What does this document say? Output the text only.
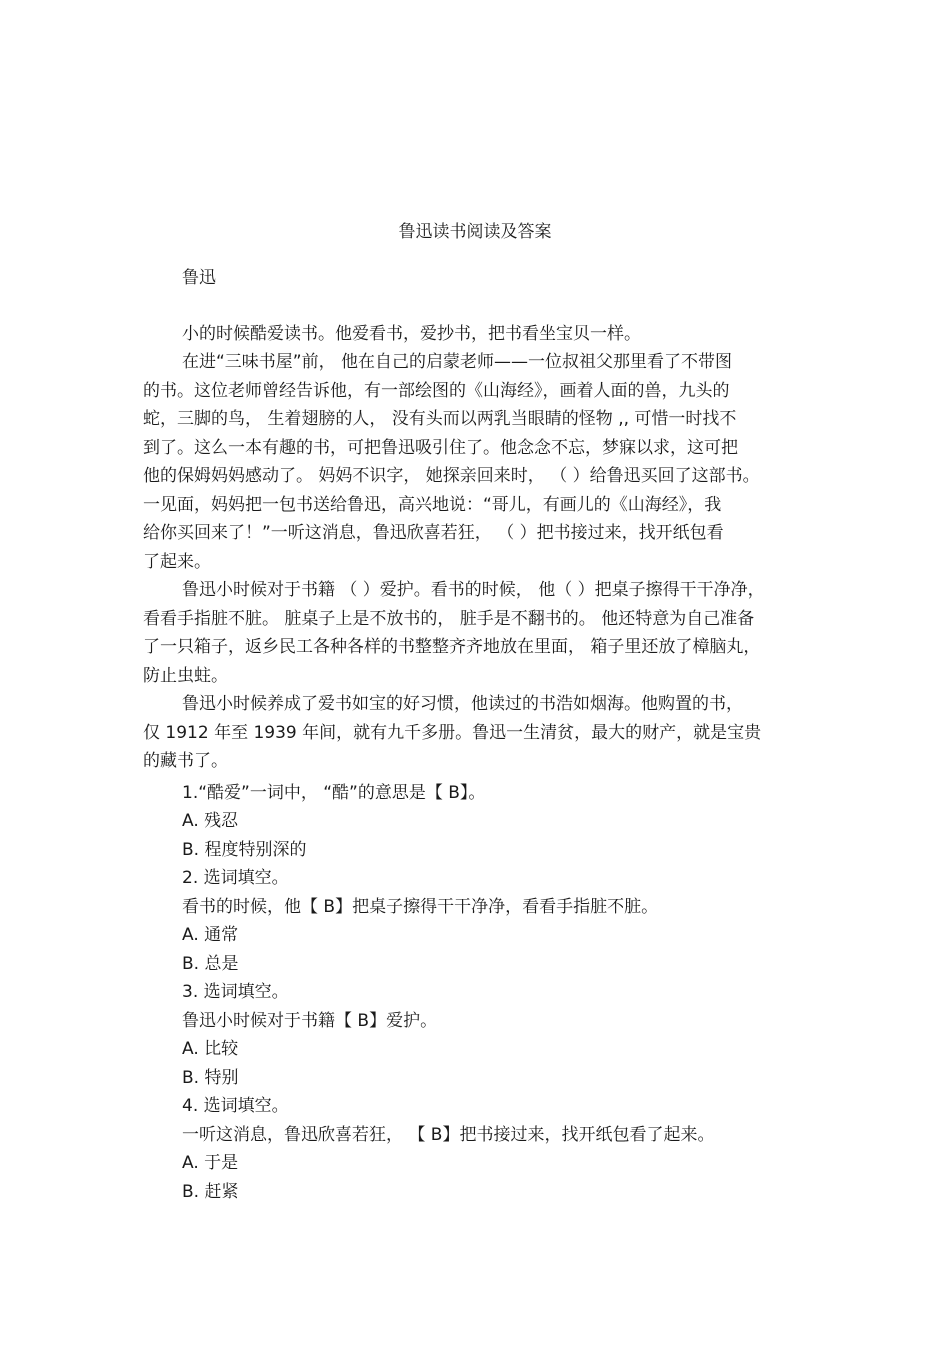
鲁迅读书阅读及答案
鲁迅
小的时候酷爱读书。他爱看书，爱抄书，把书看坐宝贝一样。
在进“三味书屋”前， 他在自己的启蒙老师——一位叔祖父那里看了不带图
的书。这位老师曾经告诉他，有一部绘图的《山海经》，画着人面的兽，九头的
蛇，三脚的鸟， 生着翅膀的人， 没有头而以两乳当眼睛的怪物 ,, 可惜一时找不
到了。这么一本有趣的书，可把鲁迅吸引住了。他念念不忘，梦寐以求，这可把
他的保姆妈妈感动了。 妈妈不识字， 她探亲回来时， （ ）给鲁迅买回了这部书。
一见面，妈妈把一包书送给鲁迅，高兴地说：“哥儿，有画儿的《山海经》，我
给你买回来了！”一听这消息，鲁迅欣喜若狂， （ ）把书接过来，找开纸包看
了起来。
鲁迅小时候对于书籍 （ ）爱护。看书的时候， 他（ ）把桌子擦得干干净净，
看看手指脏不脏。 脏桌子上是不放书的， 脏手是不翻书的。 他还特意为自己准备
了一只箱子，返乡民工各种各样的书整整齐齐地放在里面， 箱子里还放了樟脑丸，
防止虫蛀。
鲁迅小时候养成了爱书如宝的好习惯，他读过的书浩如烟海。他购置的书，
仅 1912 年至 1939 年间，就有九千多册。鲁迅一生清贫，最大的财产，就是宝贵
的藏书了。
1.“酷爱”一词中， “酷”的意思是【 B】。
A. 残忍
B. 程度特别深的
2. 选词填空。
看书的时候，他【 B】把桌子擦得干干净净，看看手指脏不脏。
A. 通常
B. 总是
3. 选词填空。
鲁迅小时候对于书籍【 B】爱护。
A. 比较
B. 特别
4. 选词填空。
一听这消息，鲁迅欣喜若狂， 【 B】把书接过来，找开纸包看了起来。
A. 于是
B. 赶紧
